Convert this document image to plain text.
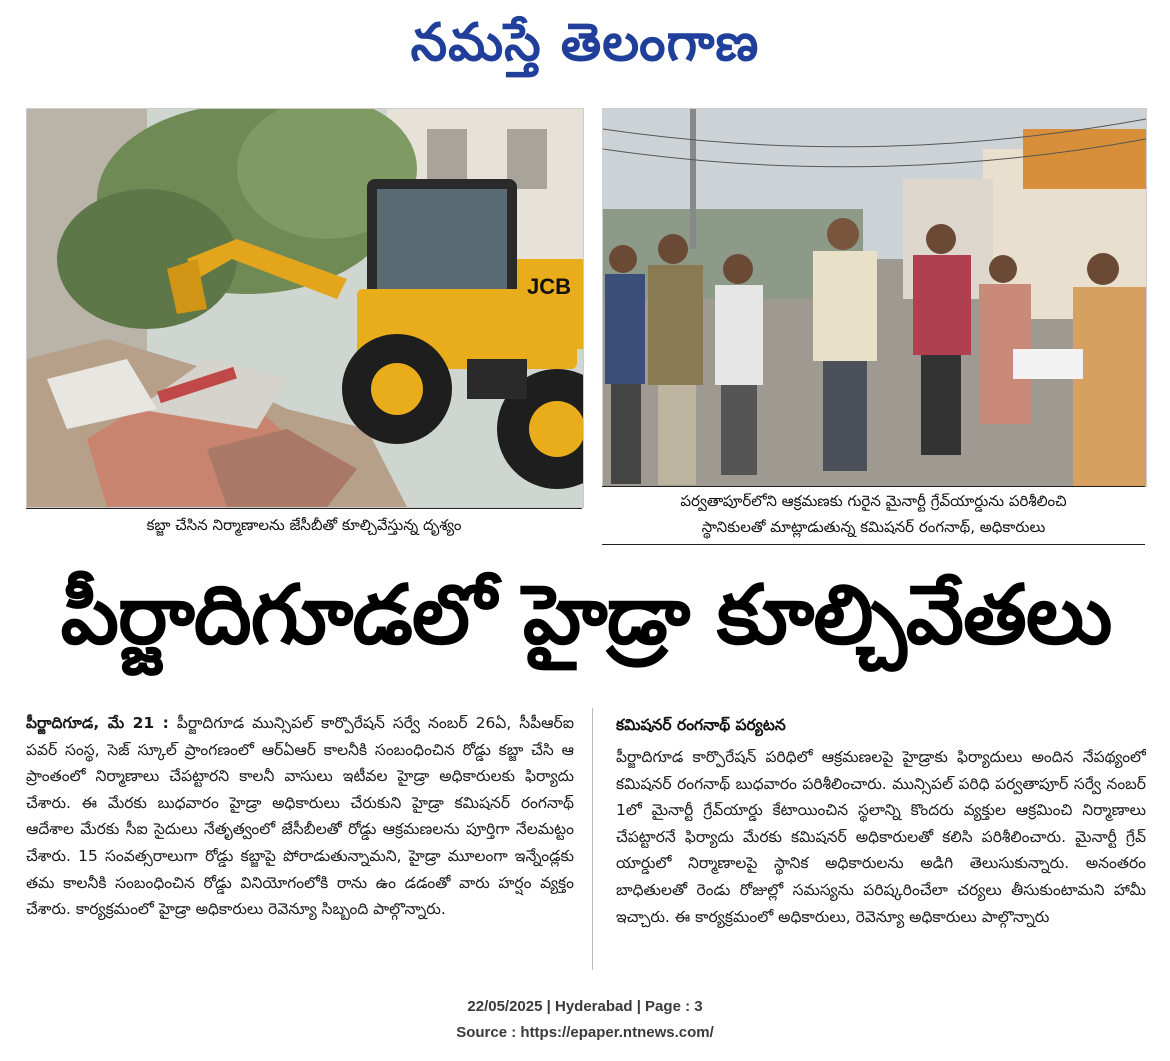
నమస్తే తెలంగాణ
JCB
కబ్జా చేసిన నిర్మాణాలను జేసీబీతో కూల్చివేస్తున్న దృశ్యం
పర్వతాపూర్‌లోని ఆక్రమణకు గురైన మైనార్టీ గ్రేవ్‌యార్డును పరిశీలించి
స్థానికులతో మాట్లాడుతున్న కమిషనర్ రంగనాథ్, అధికారులు
పీర్జాదిగూడలో హైడ్రా కూల్చివేతలు
పీర్జాదిగూడ, మే 21 : పీర్జాదిగూడ మున్సిపల్ కార్పొరేషన్ సర్వే నంబర్ 26ఏ, సీపీఆర్‌ఐ పవర్ సంస్థ, సెజ్ స్కూల్ ప్రాంగణంలో ఆర్‌ఏఆర్ కాలనీకి సంబంధించిన రోడ్డు కబ్జా చేసి ఆ ప్రాంతంలో నిర్మాణాలు చేపట్టారని కాలనీ వాసులు ఇటీవల హైడ్రా అధికారులకు ఫిర్యాదు చేశారు. ఈ మేరకు బుధవారం హైడ్రా అధికారులు చేరుకుని హైడ్రా కమిషనర్ రంగనాథ్ ఆదేశాల మేరకు సీఐ సైదులు నేతృత్వంలో జేసీబీలతో రోడ్డు ఆక్రమణలను పూర్తిగా నేలమట్టం చేశారు. 15 సంవత్సరాలుగా రోడ్డు కబ్జాపై పోరాడుతున్నామని, హైడ్రా మూలంగా ఇన్నేండ్లకు తమ కాలనీకి సంబంధించిన రోడ్డు వినియోగంలోకి రాను ఉం డడంతో వారు హర్షం వ్యక్తం చేశారు. కార్యక్రమంలో హైడ్రా అధికారులు రెవెన్యూ సిబ్బంది పాల్గొన్నారు.
కమిషనర్ రంగనాథ్ పర్యటన
పీర్జాదిగూడ కార్పొరేషన్ పరిధిలో ఆక్రమణలపై హైడ్రాకు ఫిర్యాదులు అందిన నేపథ్యంలో కమిషనర్ రంగనాథ్ బుధవారం పరిశీలించారు. మున్సిపల్ పరిధి పర్వతాపూర్ సర్వే నంబర్ 1లో మైనార్టీ గ్రేవ్‌యార్డు కేటాయించిన స్థలాన్ని కొందరు వ్యక్తుల ఆక్రమించి నిర్మాణాలు చేపట్టారనే ఫిర్యాదు మేరకు కమిషనర్ అధికారులతో కలిసి పరిశీలించారు. మైనార్టీ గ్రేవ్ యార్డులో నిర్మాణాలపై స్థానిక అధికారులను అడిగి తెలుసుకున్నారు. అనంతరం బాధితులతో రెండు రోజుల్లో సమస్యను పరిష్కరించేలా చర్యలు తీసుకుంటామని హామీ ఇచ్చారు. ఈ కార్యక్రమంలో అధికారులు, రెవెన్యూ అధికారులు పాల్గొన్నారు
22/05/2025 | Hyderabad | Page : 3
Source : https://epaper.ntnews.com/
